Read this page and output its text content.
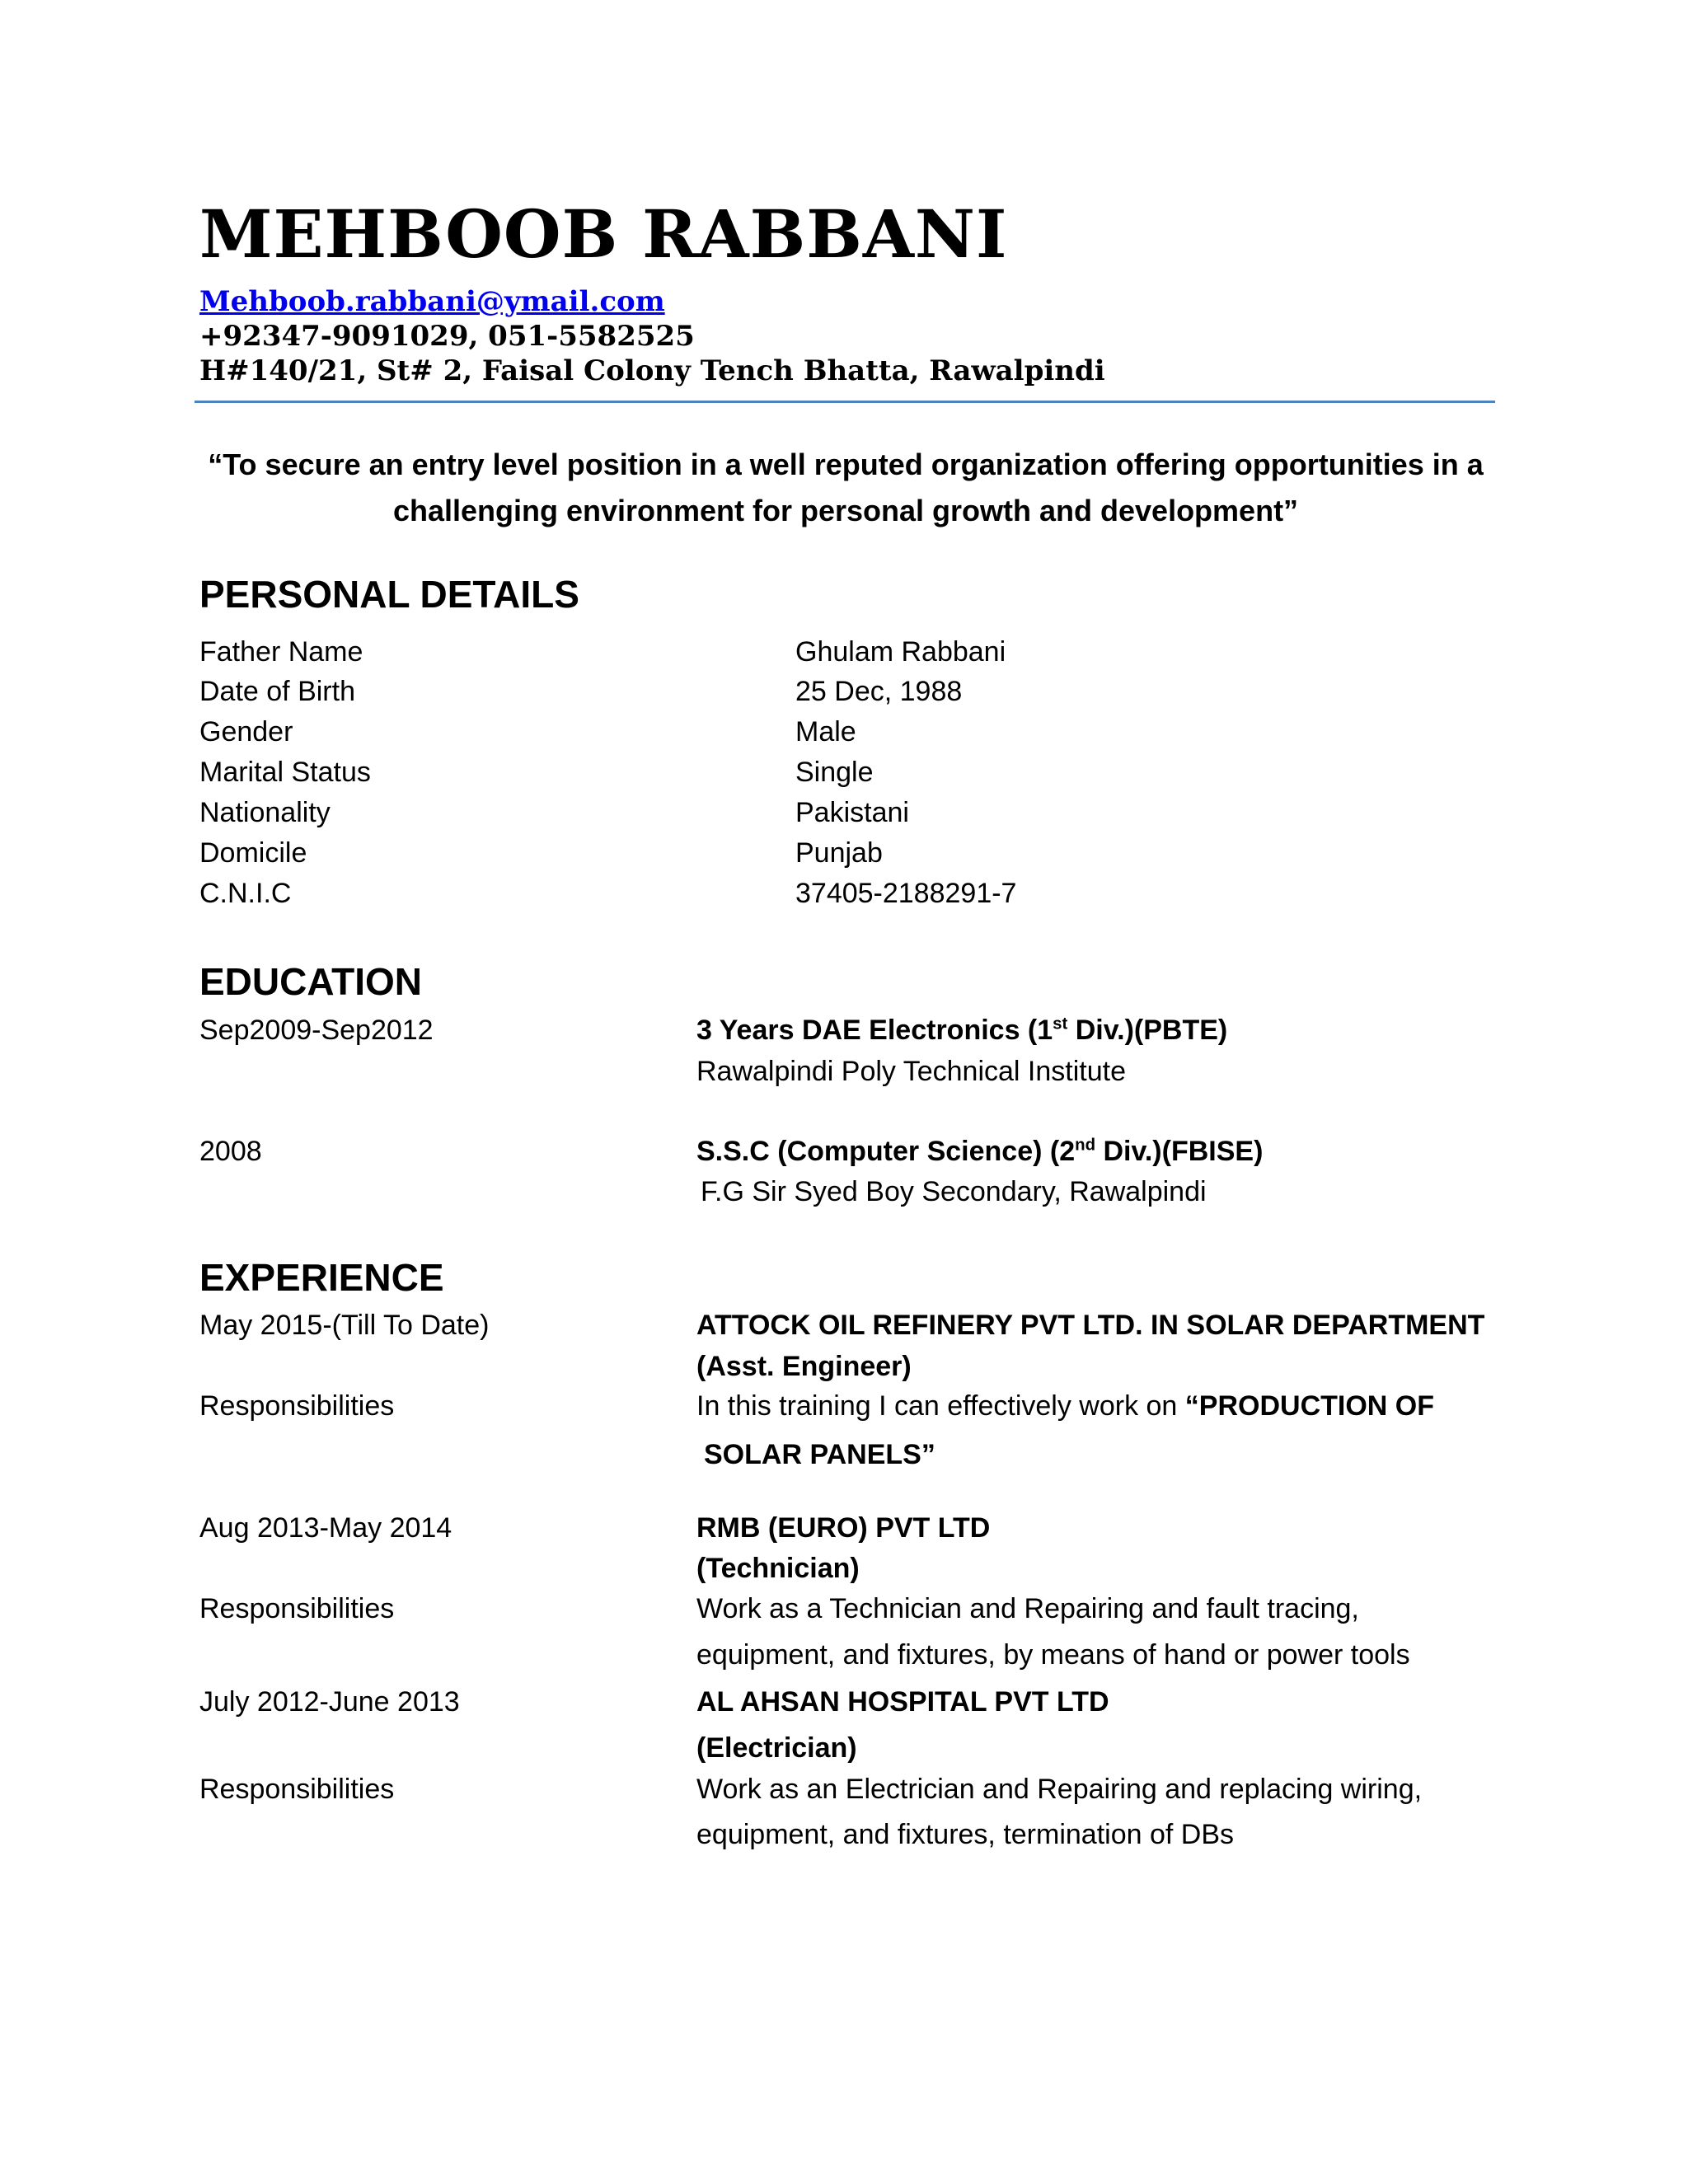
MEHBOOB RABBANI
Mehboob.rabbani@ymail.com
+92347-9091029, 051-5582525
H#140/21, St# 2, Faisal Colony Tench Bhatta, Rawalpindi
“To secure an entry level position in a well reputed organization offering opportunities in a
challenging environment for personal growth and development”
PERSONAL DETAILS
Father Name	Ghulam Rabbani
Date of Birth	25 Dec, 1988
Gender	Male
Marital Status	Single
Nationality	Pakistani
Domicile	Punjab
C.N.I.C	37405-2188291-7
EDUCATION
Sep2009-Sep2012	3 Years DAE Electronics (1st Div.)(PBTE)
Rawalpindi Poly Technical Institute
2008	S.S.C (Computer Science) (2nd Div.)(FBISE)
F.G Sir Syed Boy Secondary, Rawalpindi
EXPERIENCE
May 2015-(Till To Date)	ATTOCK OIL REFINERY PVT LTD. IN SOLAR DEPARTMENT
(Asst. Engineer)
Responsibilities	In this training I can effectively work on “PRODUCTION OF
SOLAR PANELS”
Aug 2013-May 2014	RMB (EURO) PVT LTD
(Technician)
Responsibilities	Work as a Technician and Repairing and fault tracing,
equipment, and fixtures, by means of hand or power tools
July 2012-June 2013	AL AHSAN HOSPITAL PVT LTD
(Electrician)
Responsibilities	Work as an Electrician and Repairing and replacing wiring,
equipment, and fixtures, termination of DBs
